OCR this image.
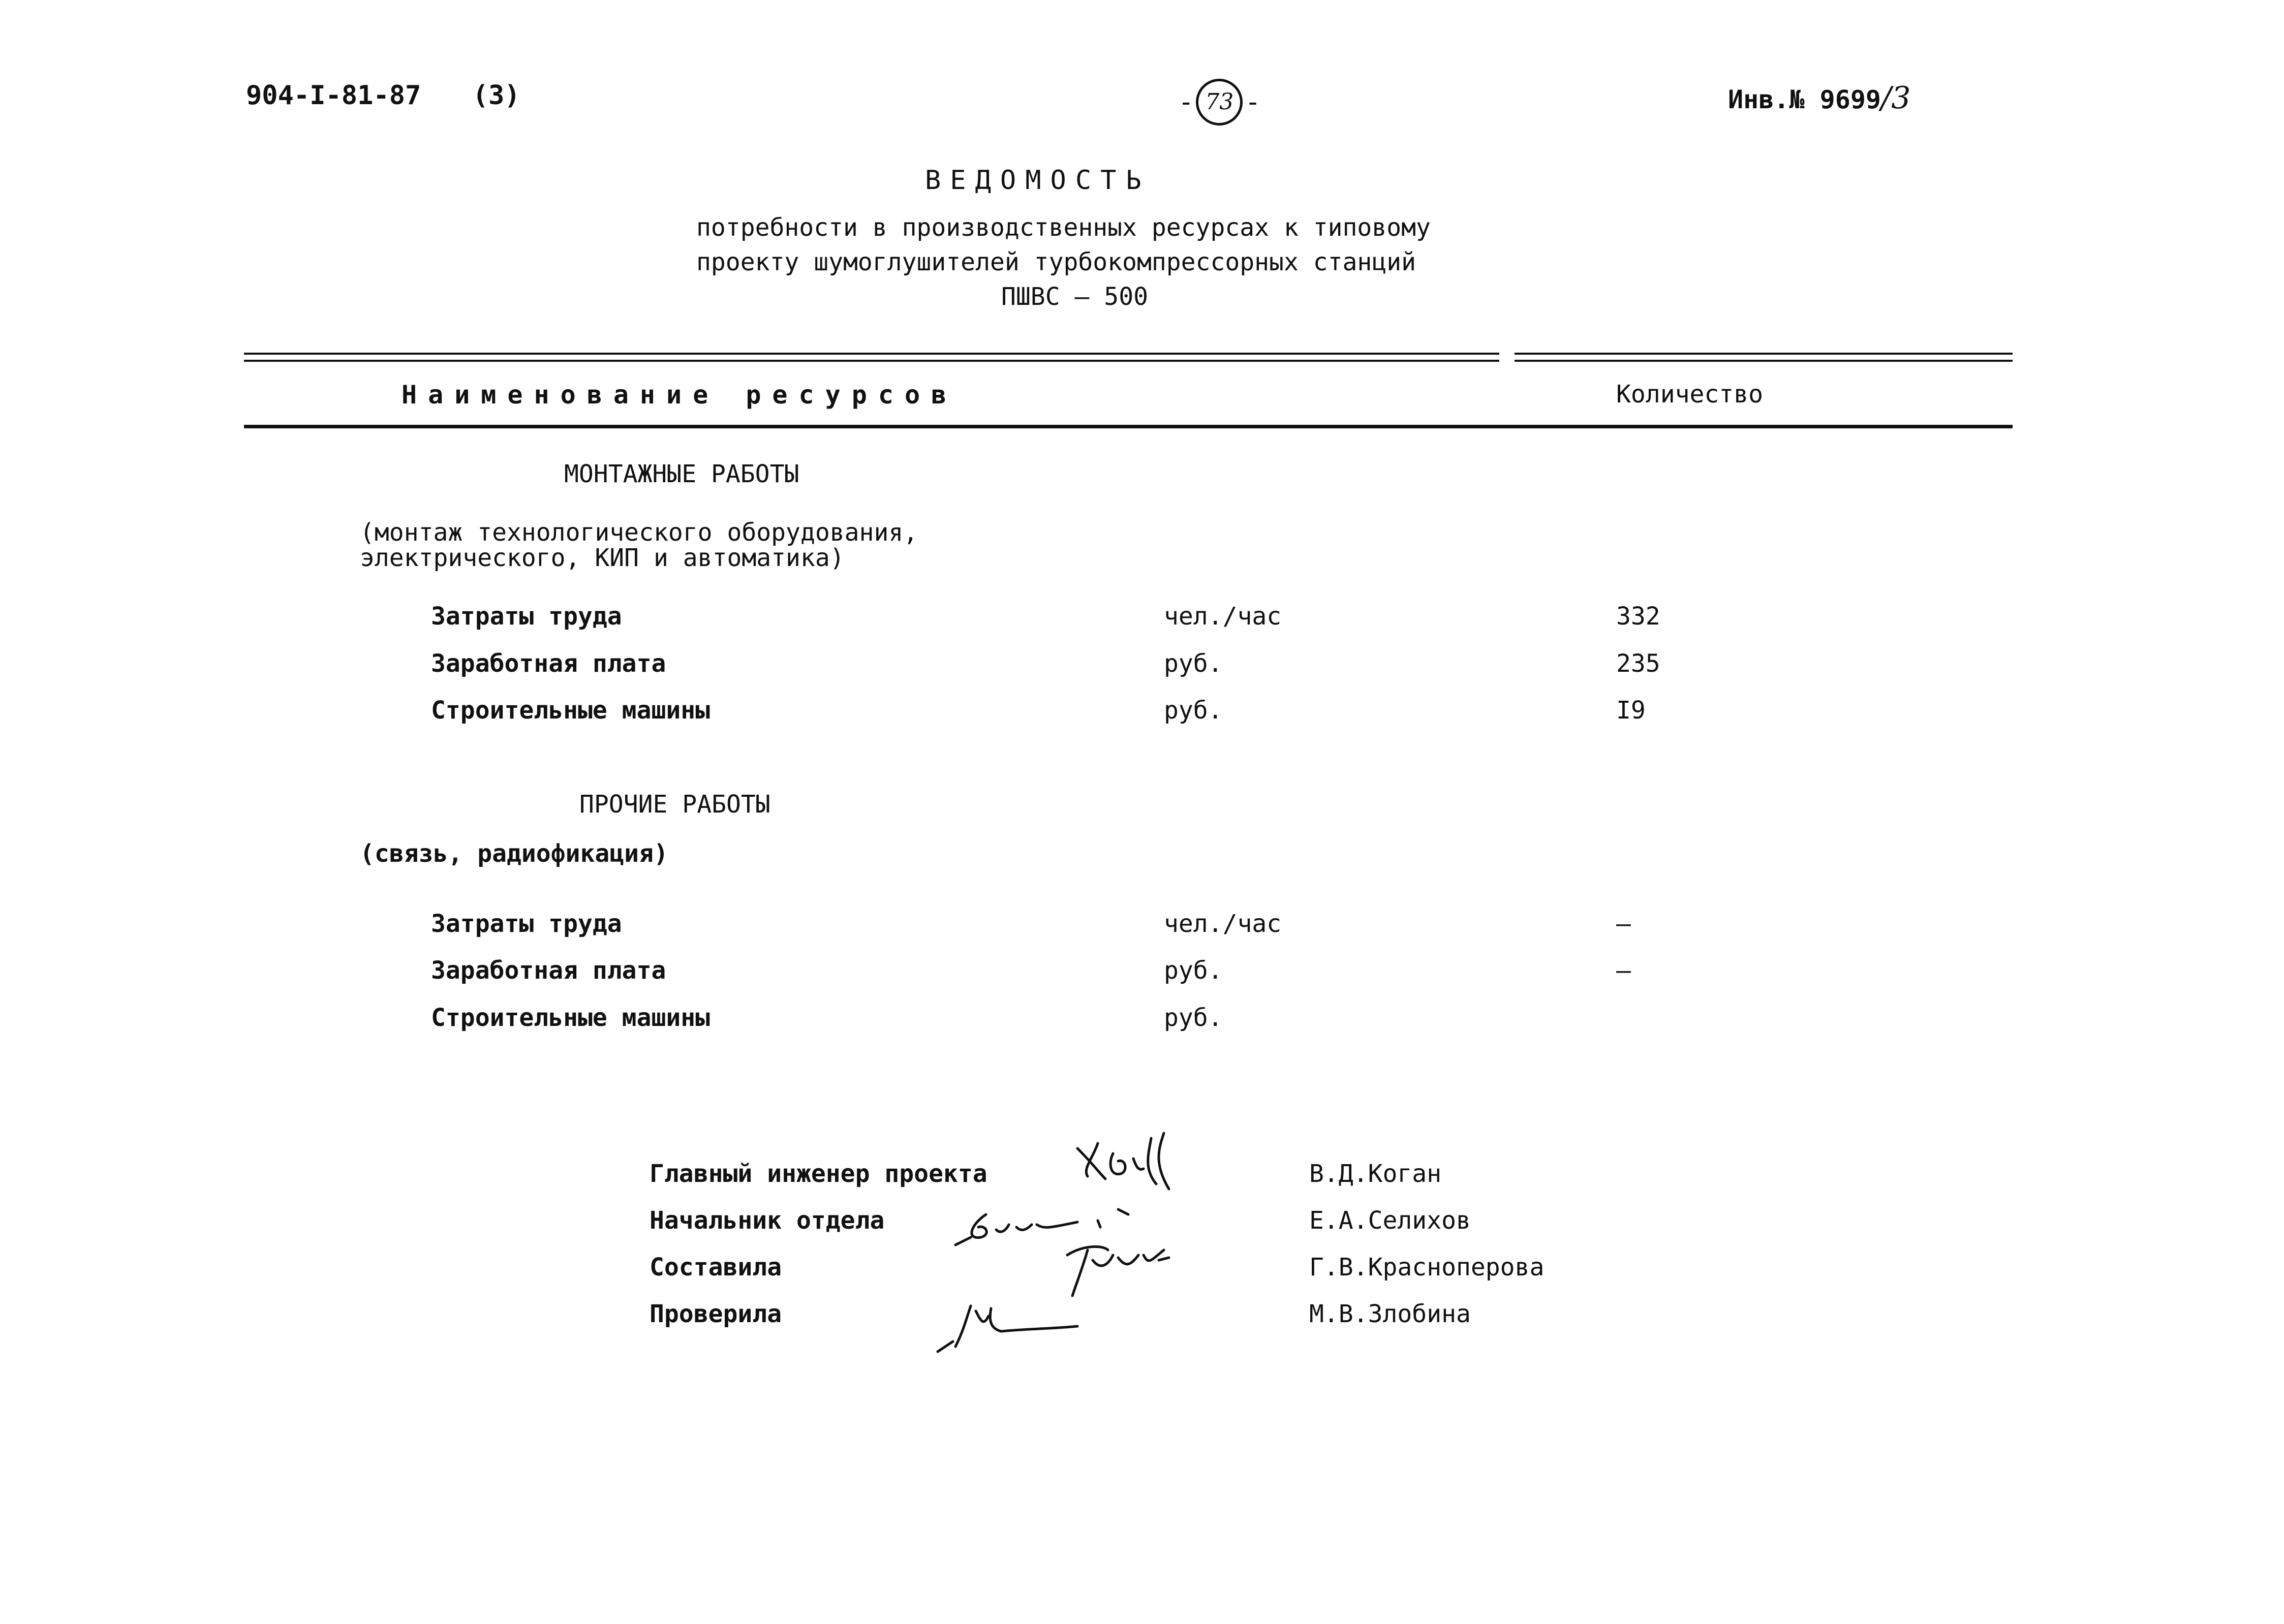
904-I-81-87 (3)	- 73 -	Инв.№ 9699/3
ВЕДОМОСТЬ
потребности в производственных ресурсах к типовому
проекту шумоглушителей турбокомпрессорных станций
ПШВС – 500
Наименование ресурсов	Количество
МОНТАЖНЫЕ РАБОТЫ
(монтаж технологического оборудования,
электрического, КИП и автоматика)
Затраты труда	чел./час	332
Заработная плата	руб.	235
Строительные машины	руб.	I9
ПРОЧИЕ РАБОТЫ
(связь, радиофикация)
Затраты труда	чел./час	–
Заработная плата	руб.	–
Строительные машины	руб.
Главный инженер проекта	В.Д.Коган
Начальник отдела	Е.А.Селихов
Составила	Г.В.Красноперова
Проверила	М.В.Злобина
